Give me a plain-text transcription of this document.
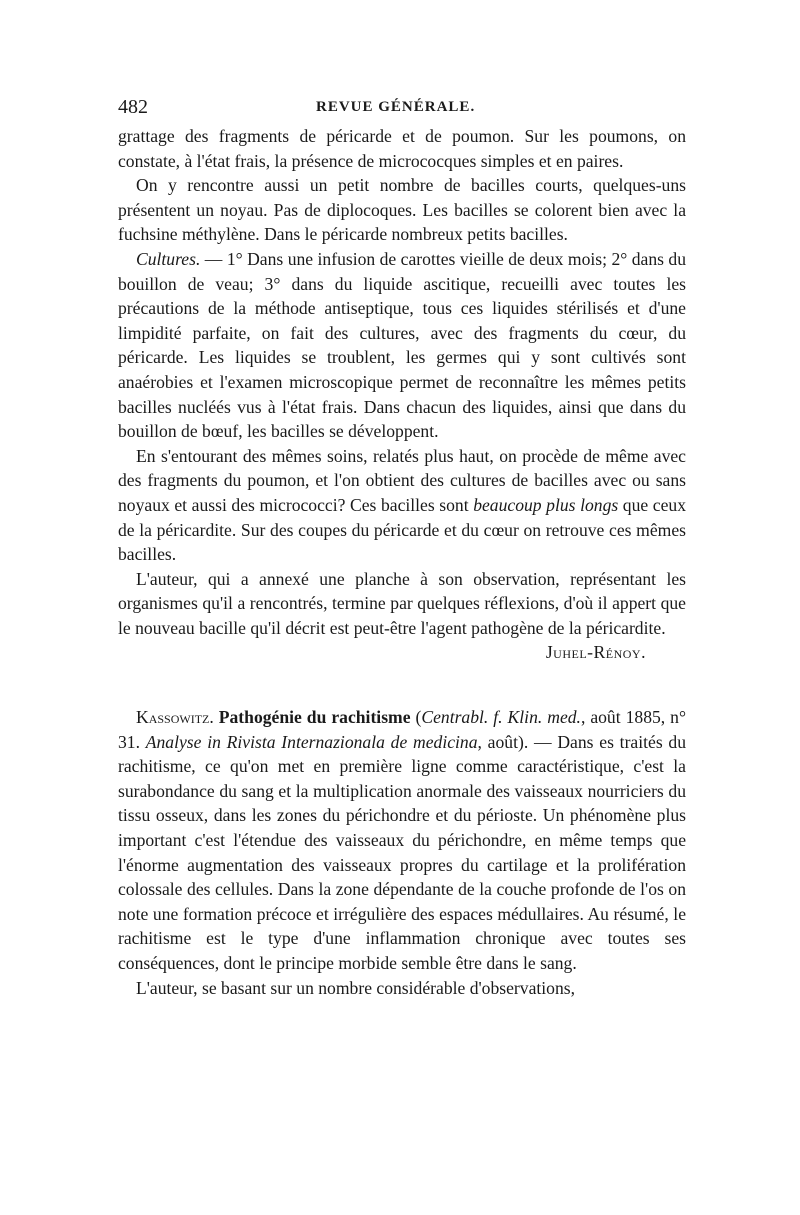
482	REVUE GÉNÉRALE.

grattage des fragments de péricarde et de poumon. Sur les poumons, on constate, à l'état frais, la présence de micrococques simples et en paires.

On y rencontre aussi un petit nombre de bacilles courts, quelques-uns présentent un noyau. Pas de diplocoques. Les bacilles se colorent bien avec la fuchsine méthylène. Dans le péricarde nombreux petits bacilles.

Cultures. — 1° Dans une infusion de carottes vieille de deux mois; 2° dans du bouillon de veau; 3° dans du liquide ascitique, recueilli avec toutes les précautions de la méthode antiseptique, tous ces liquides stérilisés et d'une limpidité parfaite, on fait des cultures, avec des fragments du cœur, du péricarde. Les liquides se troublent, les germes qui y sont cultivés sont anaérobies et l'examen microscopique permet de reconnaître les mêmes petits bacilles nucléés vus à l'état frais. Dans chacun des liquides, ainsi que dans du bouillon de bœuf, les bacilles se développent.

En s'entourant des mêmes soins, relatés plus haut, on procède de même avec des fragments du poumon, et l'on obtient des cultures de bacilles avec ou sans noyaux et aussi des micrococci? Ces bacilles sont beaucoup plus longs que ceux de la péricardite. Sur des coupes du péricarde et du cœur on retrouve ces mêmes bacilles.

L'auteur, qui a annexé une planche à son observation, représentant les organismes qu'il a rencontrés, termine par quelques réflexions, d'où il appert que le nouveau bacille qu'il décrit est peut-être l'agent pathogène de la péricardite.
Juhel-Rénoy.

Kassowitz. Pathogénie du rachitisme (Centrabl. f. Klin. med., août 1885, n° 31. Analyse in Rivista Internazionala de medicina, août). — Dans es traités du rachitisme, ce qu'on met en première ligne comme caractéristique, c'est la surabondance du sang et la multiplication anormale des vaisseaux nourriciers du tissu osseux, dans les zones du périchondre et du périoste. Un phénomène plus important c'est l'étendue des vaisseaux du périchondre, en même temps que l'énorme augmentation des vaisseaux propres du cartilage et la prolifération colossale des cellules. Dans la zone dépendante de la couche profonde de l'os on note une formation précoce et irrégulière des espaces médullaires. Au résumé, le rachitisme est le type d'une inflammation chronique avec toutes ses conséquences, dont le principe morbide semble être dans le sang.

L'auteur, se basant sur un nombre considérable d'observations,
